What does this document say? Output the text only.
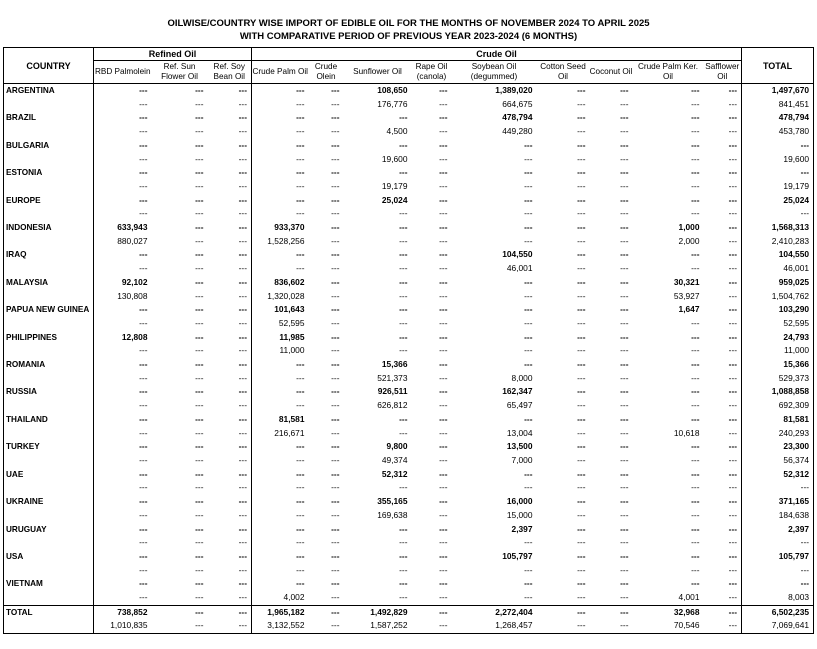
OILWISE/COUNTRY WISE IMPORT OF EDIBLE OIL FOR THE MONTHS OF NOVEMBER 2024 TO APRIL 2025
WITH COMPARATIVE PERIOD OF PREVIOUS YEAR 2023-2024 (6 MONTHS)
COUNTRY	Refined Oil			Crude Oil									TOTAL
	RBD Palmolein	Ref. Sun Flower Oil	Ref. Soy Bean Oil	Crude Palm Oil	Crude Olein	Sunflower Oil	Rape Oil (canola)	Soybean Oil (degummed)	Cotton Seed Oil	Coconut Oil	Crude Palm Ker. Oil	Safflower Oil	
ARGENTINA	---	---	---	---	---	108,650	---	1,389,020	---	---	---	---	1,497,670
	---	---	---	---	---	176,776	---	664,675	---	---	---	---	841,451
BRAZIL	---	---	---	---	---	---	---	478,794	---	---	---	---	478,794
	---	---	---	---	---	4,500	---	449,280	---	---	---	---	453,780
BULGARIA	---	---	---	---	---	---	---	---	---	---	---	---	---
	---	---	---	---	---	19,600	---	---	---	---	---	---	19,600
ESTONIA	---	---	---	---	---	---	---	---	---	---	---	---	---
	---	---	---	---	---	19,179	---	---	---	---	---	---	19,179
EUROPE	---	---	---	---	---	25,024	---	---	---	---	---	---	25,024
	---	---	---	---	---	---	---	---	---	---	---	---	---
INDONESIA	633,943	---	---	933,370	---	---	---	---	---	---	1,000	---	1,568,313
	880,027	---	---	1,528,256	---	---	---	---	---	---	2,000	---	2,410,283
IRAQ	---	---	---	---	---	---	---	104,550	---	---	---	---	104,550
	---	---	---	---	---	---	---	46,001	---	---	---	---	46,001
MALAYSIA	92,102	---	---	836,602	---	---	---	---	---	---	30,321	---	959,025
	130,808	---	---	1,320,028	---	---	---	---	---	---	53,927	---	1,504,762
PAPUA NEW GUINEA	---	---	---	101,643	---	---	---	---	---	---	1,647	---	103,290
	---	---	---	52,595	---	---	---	---	---	---	---	---	52,595
PHILIPPINES	12,808	---	---	11,985	---	---	---	---	---	---	---	---	24,793
	---	---	---	11,000	---	---	---	---	---	---	---	---	11,000
ROMANIA	---	---	---	---	---	15,366	---	---	---	---	---	---	15,366
	---	---	---	---	---	521,373	---	8,000	---	---	---	---	529,373
RUSSIA	---	---	---	---	---	926,511	---	162,347	---	---	---	---	1,088,858
	---	---	---	---	---	626,812	---	65,497	---	---	---	---	692,309
THAILAND	---	---	---	81,581	---	---	---	---	---	---	---	---	81,581
	---	---	---	216,671	---	---	---	13,004	---	---	10,618	---	240,293
TURKEY	---	---	---	---	---	9,800	---	13,500	---	---	---	---	23,300
	---	---	---	---	---	49,374	---	7,000	---	---	---	---	56,374
UAE	---	---	---	---	---	52,312	---	---	---	---	---	---	52,312
	---	---	---	---	---	---	---	---	---	---	---	---	---
UKRAINE	---	---	---	---	---	355,165	---	16,000	---	---	---	---	371,165
	---	---	---	---	---	169,638	---	15,000	---	---	---	---	184,638
URUGUAY	---	---	---	---	---	---	---	2,397	---	---	---	---	2,397
	---	---	---	---	---	---	---	---	---	---	---	---	---
USA	---	---	---	---	---	---	---	105,797	---	---	---	---	105,797
	---	---	---	---	---	---	---	---	---	---	---	---	---
VIETNAM	---	---	---	---	---	---	---	---	---	---	---	---	---
	---	---	---	4,002	---	---	---	---	---	---	4,001	---	8,003
TOTAL	738,852	---	---	1,965,182	---	1,492,829	---	2,272,404	---	---	32,968	---	6,502,235
	1,010,835	---	---	3,132,552	---	1,587,252	---	1,268,457	---	---	70,546	---	7,069,641
